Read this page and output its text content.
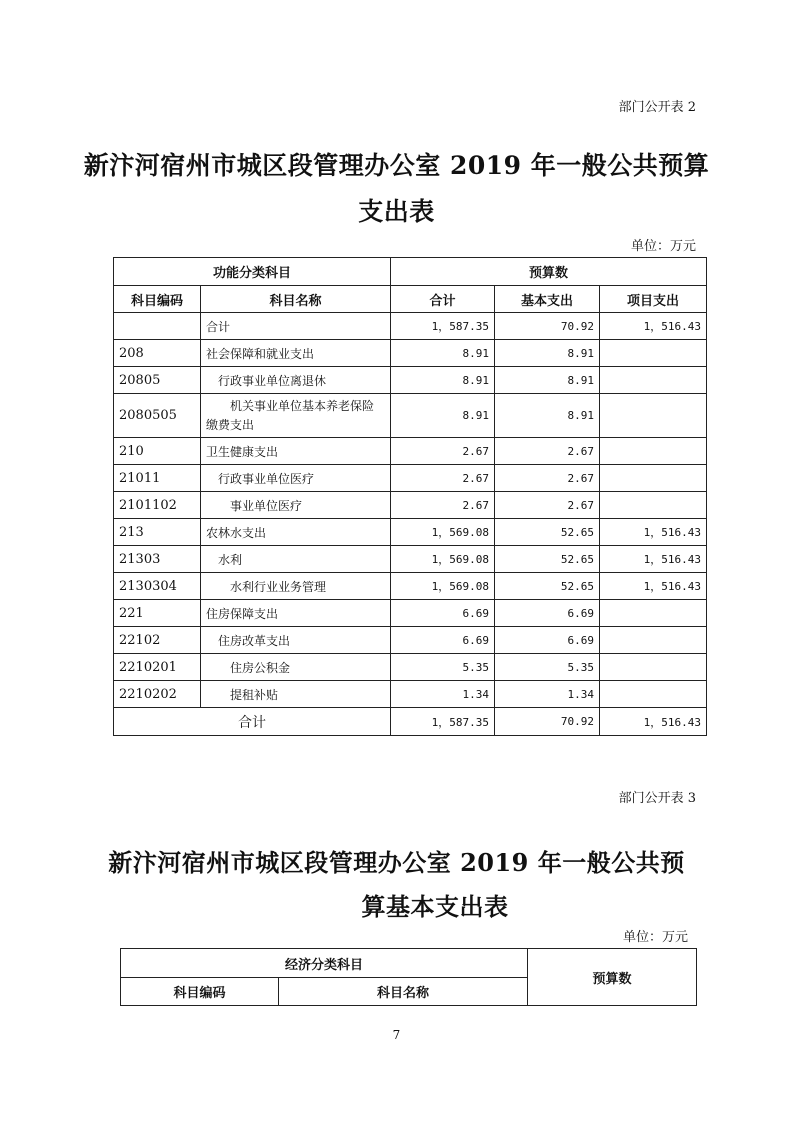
部门公开表 2
新汴河宿州市城区段管理办公室 2019 年一般公共预算
支出表
单位：万元
功能分类科目		预算数		
科目编码	科目名称	合计	基本支出	项目支出
	合计	1，587.35	70.92	1，516.43
208	社会保障和就业支出	8.91	8.91	
20805	行政事业单位离退休	8.91	8.91	
2080505	机关事业单位基本养老保险缴费支出	8.91	8.91	
210	卫生健康支出	2.67	2.67	
21011	行政事业单位医疗	2.67	2.67	
2101102	事业单位医疗	2.67	2.67	
213	农林水支出	1，569.08	52.65	1，516.43
21303	水利	1，569.08	52.65	1，516.43
2130304	水利行业业务管理	1，569.08	52.65	1，516.43
221	住房保障支出	6.69	6.69	
22102	住房改革支出	6.69	6.69	
2210201	住房公积金	5.35	5.35	
2210202	提租补贴	1.34	1.34	
合计		1，587.35	70.92	1，516.43
部门公开表 3
新汴河宿州市城区段管理办公室 2019 年一般公共预
算基本支出表
单位：万元
经济分类科目		预算数
科目编码	科目名称	
7
